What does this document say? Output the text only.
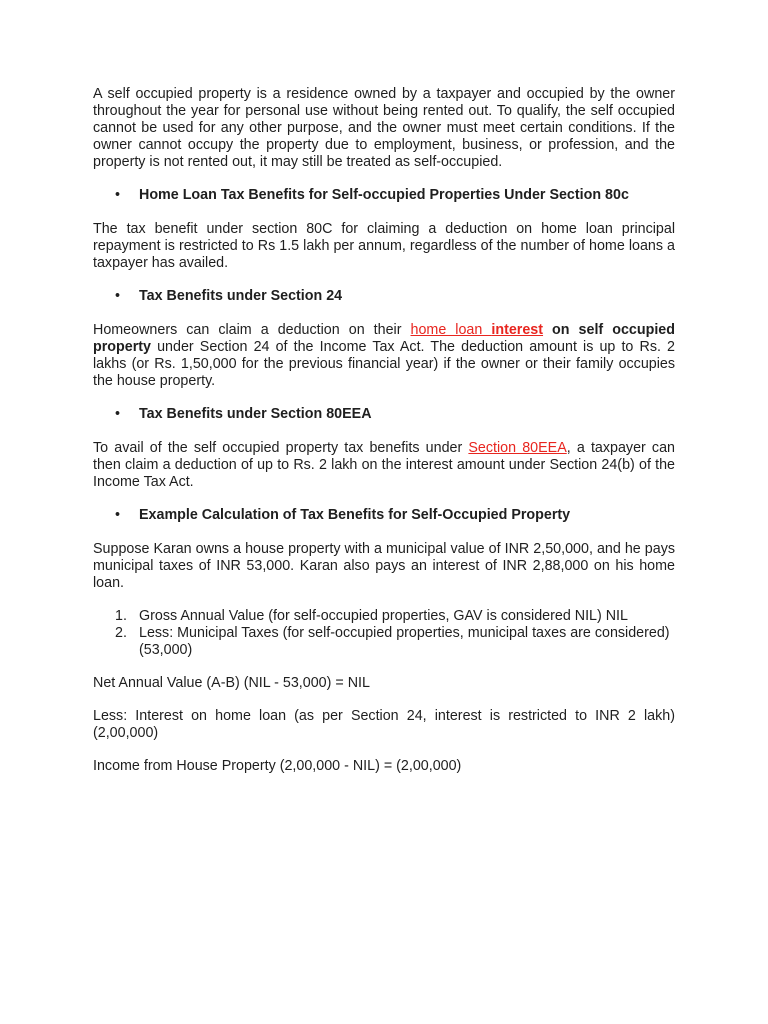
A self occupied property is a residence owned by a taxpayer and occupied by the owner throughout the year for personal use without being rented out. To qualify, the self occupied cannot be used for any other purpose, and the owner must meet certain conditions. If the owner cannot occupy the property due to employment, business, or profession, and the property is not rented out, it may still be treated as self-occupied.

• Home Loan Tax Benefits for Self-occupied Properties Under Section 80c

The tax benefit under section 80C for claiming a deduction on home loan principal repayment is restricted to Rs 1.5 lakh per annum, regardless of the number of home loans a taxpayer has availed.

• Tax Benefits under Section 24

Homeowners can claim a deduction on their home loan interest on self occupied property under Section 24 of the Income Tax Act. The deduction amount is up to Rs. 2 lakhs (or Rs. 1,50,000 for the previous financial year) if the owner or their family occupies the house property.

• Tax Benefits under Section 80EEA

To avail of the self occupied property tax benefits under Section 80EEA, a taxpayer can then claim a deduction of up to Rs. 2 lakh on the interest amount under Section 24(b) of the Income Tax Act.

• Example Calculation of Tax Benefits for Self-Occupied Property

Suppose Karan owns a house property with a municipal value of INR 2,50,000, and he pays municipal taxes of INR 53,000. Karan also pays an interest of INR 2,88,000 on his home loan.

1. Gross Annual Value (for self-occupied properties, GAV is considered NIL) NIL
2. Less: Municipal Taxes (for self-occupied properties, municipal taxes are considered) (53,000)

Net Annual Value (A-B) (NIL - 53,000) = NIL

Less: Interest on home loan (as per Section 24, interest is restricted to INR 2 lakh) (2,00,000)

Income from House Property (2,00,000 - NIL) = (2,00,000)
